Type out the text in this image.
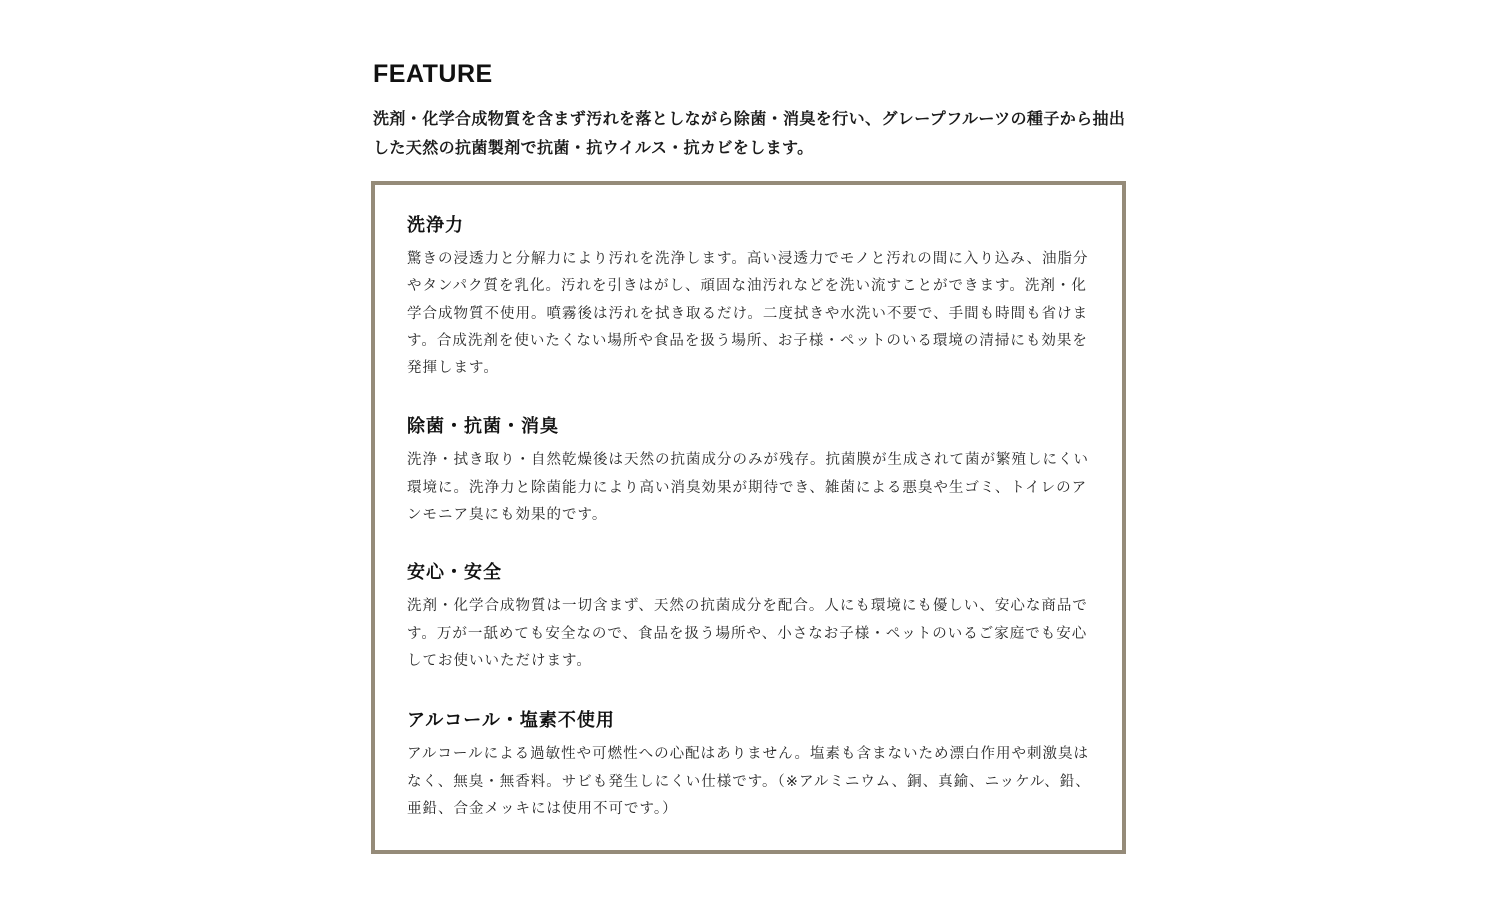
FEATURE

洗剤・化学合成物質を含まず汚れを落としながら除菌・消臭を行い、グレープフルーツの種子から抽出した天然の抗菌製剤で抗菌・抗ウイルス・抗カビをします。

洗浄力

驚きの浸透力と分解力により汚れを洗浄します。高い浸透力でモノと汚れの間に入り込み、油脂分やタンパク質を乳化。汚れを引きはがし、頑固な油汚れなどを洗い流すことができます。洗剤・化学合成物質不使用。噴霧後は汚れを拭き取るだけ。二度拭きや水洗い不要で、手間も時間も省けます。合成洗剤を使いたくない場所や食品を扱う場所、お子様・ペットのいる環境の清掃にも効果を発揮します。

除菌・抗菌・消臭

洗浄・拭き取り・自然乾燥後は天然の抗菌成分のみが残存。抗菌膜が生成されて菌が繁殖しにくい環境に。洗浄力と除菌能力により高い消臭効果が期待でき、雑菌による悪臭や生ゴミ、トイレのアンモニア臭にも効果的です。

安心・安全

洗剤・化学合成物質は一切含まず、天然の抗菌成分を配合。人にも環境にも優しい、安心な商品です。万が一舐めても安全なので、食品を扱う場所や、小さなお子様・ペットのいるご家庭でも安心してお使いいただけます。

アルコール・塩素不使用

アルコールによる過敏性や可燃性への心配はありません。塩素も含まないため漂白作用や刺激臭はなく、無臭・無香料。サビも発生しにくい仕様です。（※アルミニウム、銅、真鍮、ニッケル、鉛、亜鉛、合金メッキには使用不可です。）
